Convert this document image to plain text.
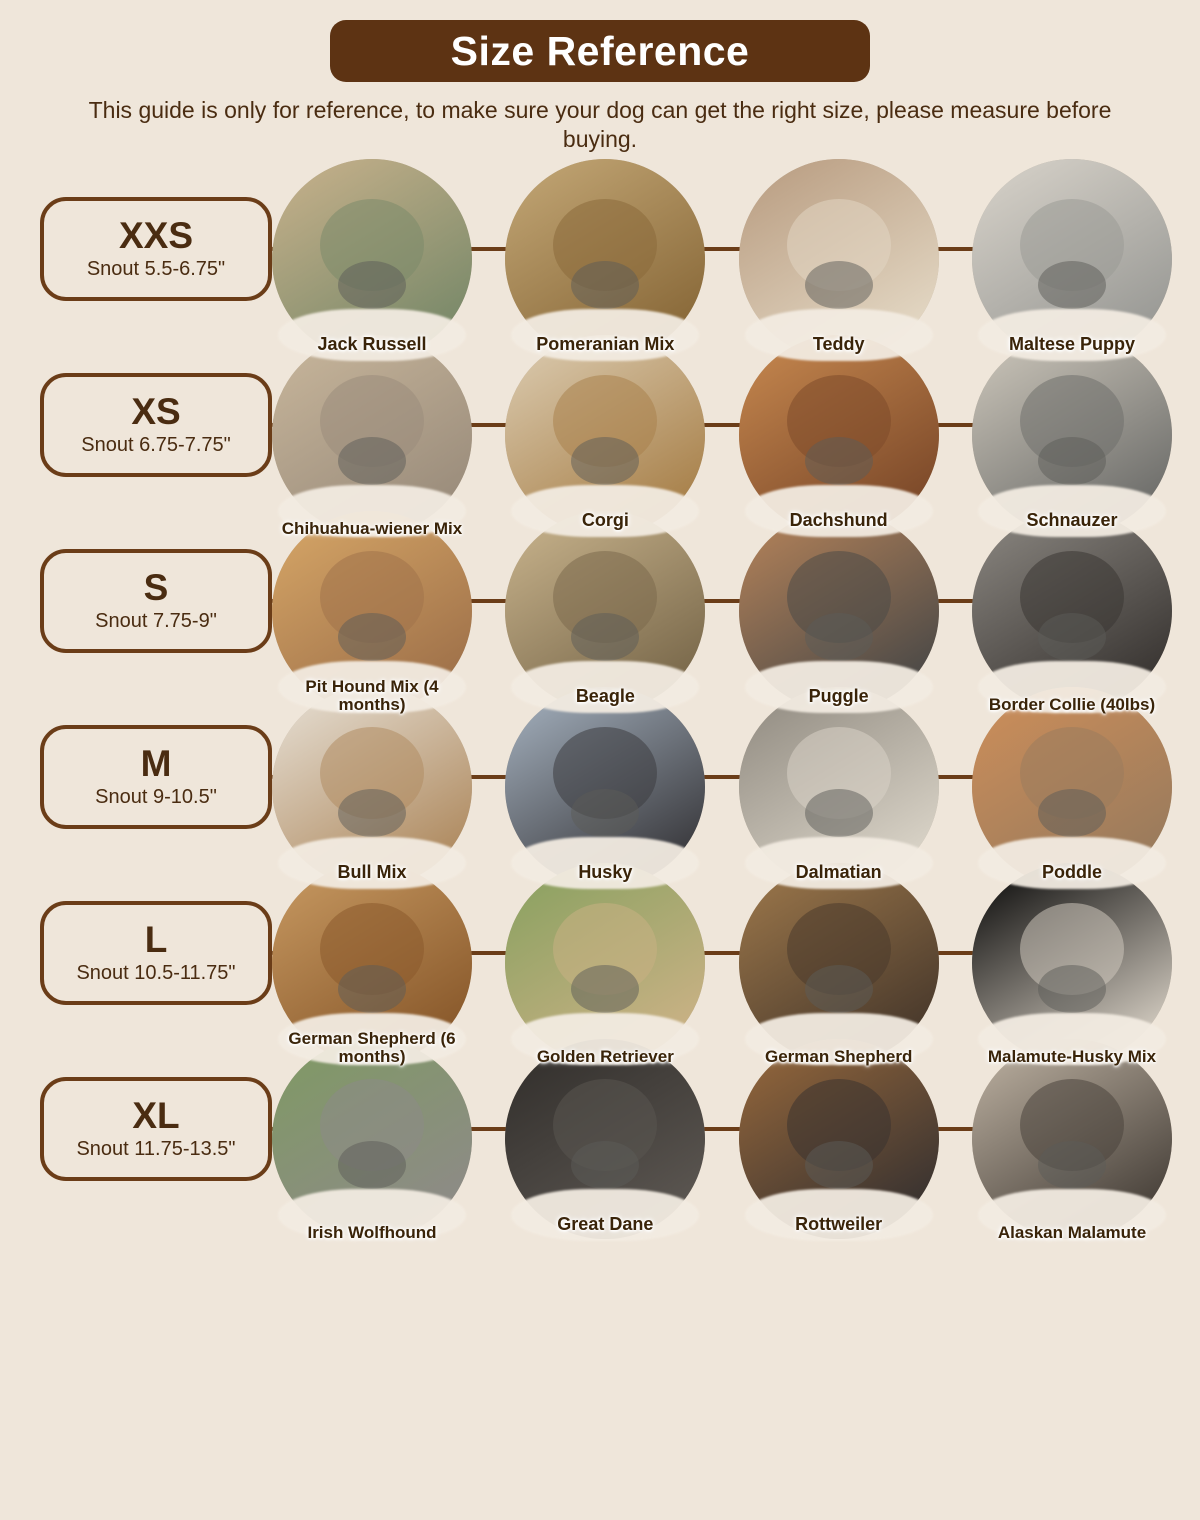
Size Reference
This guide is only for reference, to make sure your dog can get the right size, please measure before buying.
XXS
Snout 5.5-6.75"
Jack Russell	Pomeranian Mix	Teddy	Maltese Puppy
XS
Snout 6.75-7.75"
Chihuahua-wiener Mix	Corgi	Dachshund	Schnauzer
S
Snout 7.75-9"
Pit Hound Mix (4 months)	Beagle	Puggle	Border Collie (40lbs)
M
Snout 9-10.5"
Bull Mix	Husky	Dalmatian	Poddle
L
Snout 10.5-11.75"
German Shepherd (6 months)	Golden Retriever	German Shepherd	Malamute-Husky Mix
XL
Snout 11.75-13.5"
Irish Wolfhound	Great Dane	Rottweiler	Alaskan Malamute
